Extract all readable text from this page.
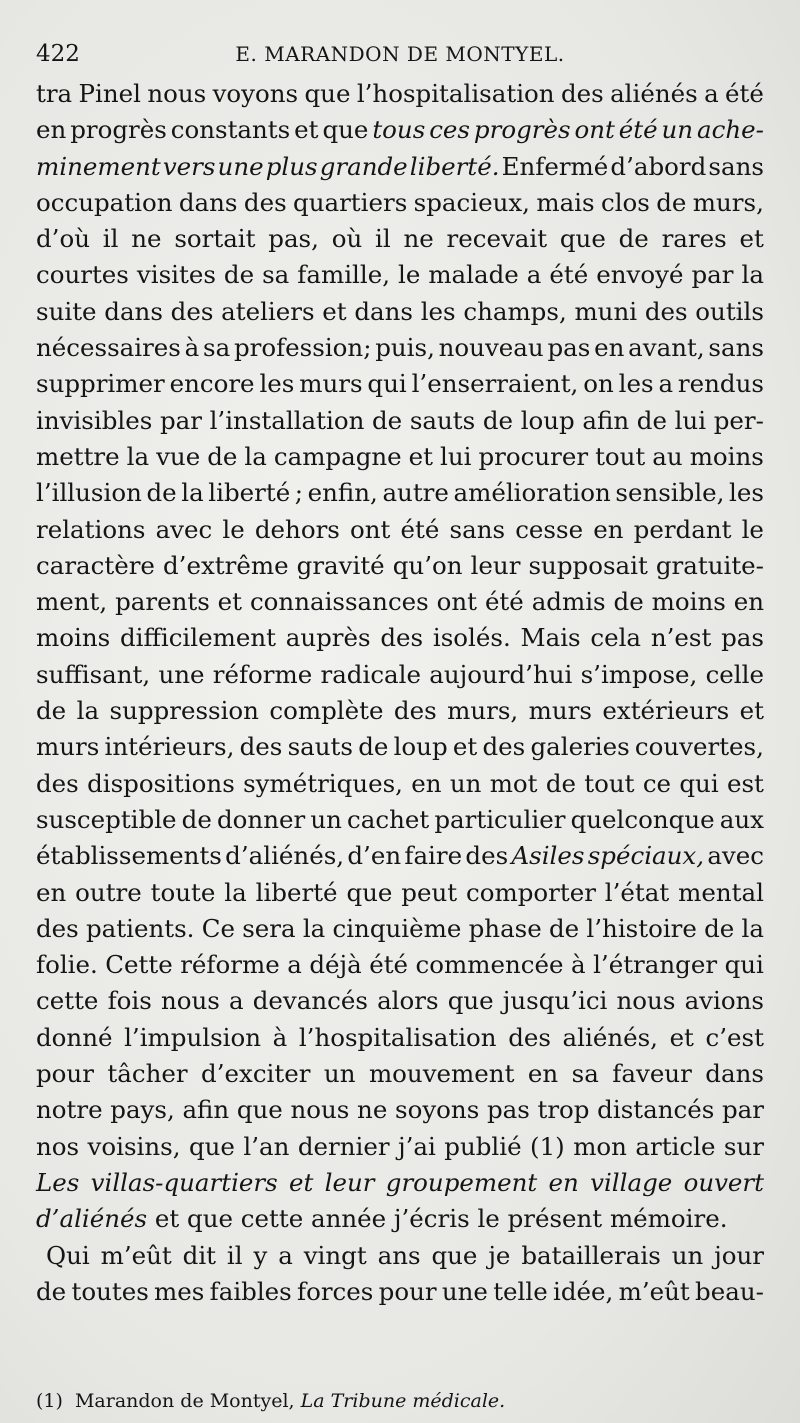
422	E. MARANDON DE MONTYEL.
tra Pinel nous voyons que l’hospitalisation des aliénés a été
en progrès constants et que tous ces progrès ont été un ache-
minement vers une plus grande liberté. Enfermé d’abord sans
occupation dans des quartiers spacieux, mais clos de murs,
d’où il ne sortait pas, où il ne recevait que de rares et
courtes visites de sa famille, le malade a été envoyé par la
suite dans des ateliers et dans les champs, muni des outils
nécessaires à sa profession; puis, nouveau pas en avant, sans
supprimer encore les murs qui l’enserraient, on les a rendus
invisibles par l’installation de sauts de loup afin de lui per-
mettre la vue de la campagne et lui procurer tout au moins
l’illusion de la liberté ; enfin, autre amélioration sensible, les
relations avec le dehors ont été sans cesse en perdant le
caractère d’extrême gravité qu’on leur supposait gratuite-
ment, parents et connaissances ont été admis de moins en
moins difficilement auprès des isolés. Mais cela n’est pas
suffisant, une réforme radicale aujourd’hui s’impose, celle
de la suppression complète des murs, murs extérieurs et
murs intérieurs, des sauts de loup et des galeries couvertes,
des dispositions symétriques, en un mot de tout ce qui est
susceptible de donner un cachet particulier quelconque aux
établissements d’aliénés, d’en faire des Asiles spéciaux, avec
en outre toute la liberté que peut comporter l’état mental
des patients. Ce sera la cinquième phase de l’histoire de la
folie. Cette réforme a déjà été commencée à l’étranger qui
cette fois nous a devancés alors que jusqu’ici nous avions
donné l’impulsion à l’hospitalisation des aliénés, et c’est
pour tâcher d’exciter un mouvement en sa faveur dans
notre pays, afin que nous ne soyons pas trop distancés par
nos voisins, que l’an dernier j’ai publié (1) mon article sur
Les villas-quartiers et leur groupement en village ouvert
d’aliénés et que cette année j’écris le présent mémoire.
Qui m’eût dit il y a vingt ans que je bataillerais un jour
de toutes mes faibles forces pour une telle idée, m’eût beau-
(1) Marandon de Montyel, La Tribune médicale.
